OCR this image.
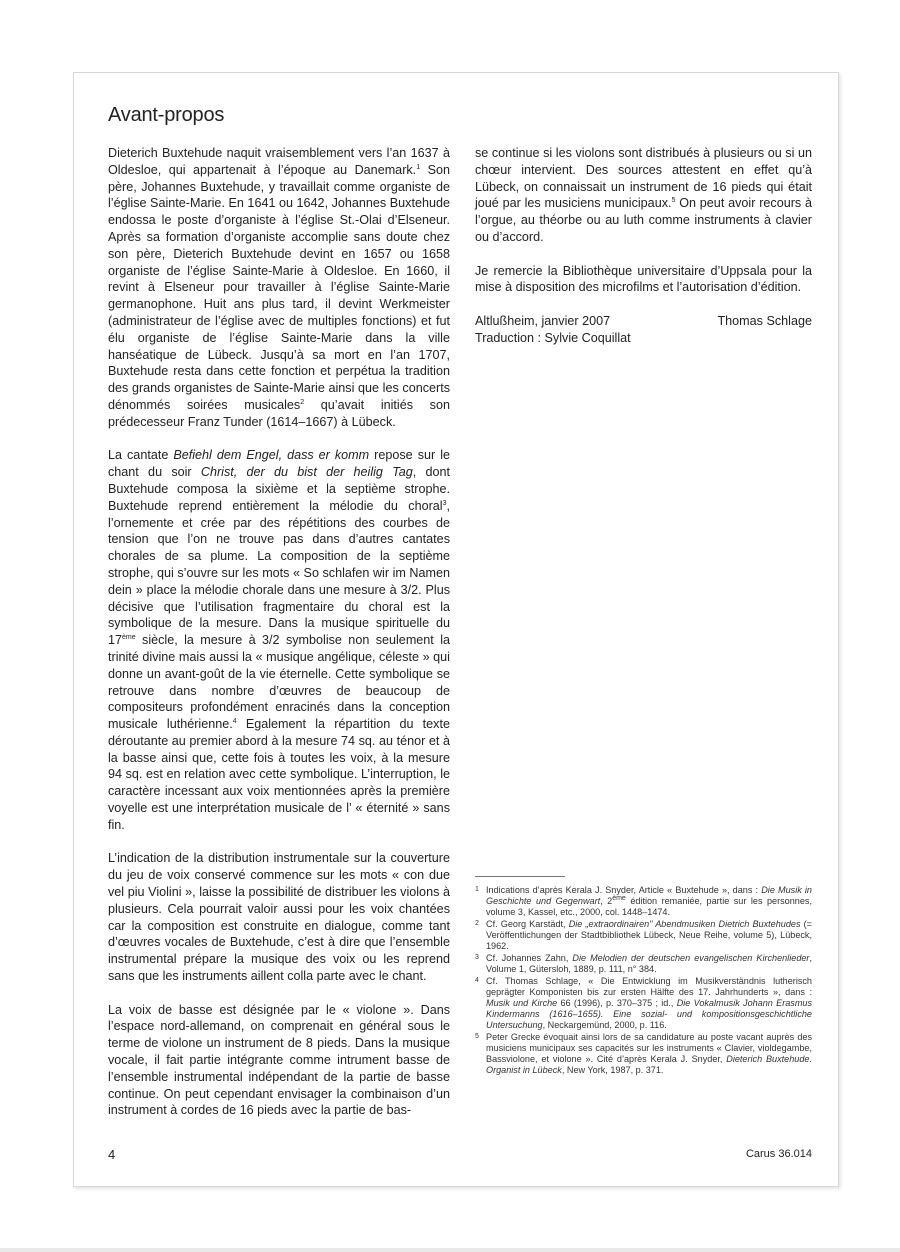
Avant-propos

Dieterich Buxtehude naquit vraisemblement vers l’an 1637 à Oldesloe, qui appartenait à l’époque au Danemark.$^1$ Son père, Johannes Buxtehude, y travaillait comme organiste de l’église Sainte-Marie. En 1641 ou 1642, Johannes Buxtehude endossa le poste d’organiste à l’église St.-Olai d’Elseneur. Après sa formation d’organiste accomplie sans doute chez son père, Dieterich Buxtehude devint en 1657 ou 1658 organiste de l’église Sainte-Marie à Oldesloe. En 1660, il revint à Elseneur pour travailler à l’église Sainte-Marie germanophone. Huit ans plus tard, il devint Werkmeister (administrateur de l’église avec de multiples fonctions) et fut élu organiste de l’église Sainte-Marie dans la ville hanséatique de Lübeck. Jusqu’à sa mort en l’an 1707, Buxtehude resta dans cette fonction et perpétua la tradition des grands organistes de Sainte-Marie ainsi que les concerts dénommés soirées musicales$^2$ qu’avait initiés son prédecesseur Franz Tunder (1614–1667) à Lübeck.

La cantate Befiehl dem Engel, dass er komm repose sur le chant du soir Christ, der du bist der heilig Tag, dont Buxtehude composa la sixième et la septième strophe. Buxtehude reprend entièrement la mélodie du choral$^3$, l’ornemente et crée par des répétitions des courbes de tension que l’on ne trouve pas dans d’autres cantates chorales de sa plume. La composition de la septième strophe, qui s’ouvre sur les mots « So schlafen wir im Namen dein » place la mélodie chorale dans une mesure à 3/2. Plus décisive que l’utilisation fragmentaire du choral est la symbolique de la mesure. Dans la musique spirituelle du 17ème siècle, la mesure à 3/2 symbolise non seulement la trinité divine mais aussi la « musique angélique, céleste » qui donne un avant-goût de la vie éternelle. Cette symbolique se retrouve dans nombre d’œuvres de beaucoup de compositeurs profondément enracinés dans la conception musicale luthérienne.$^4$ Egalement la répartition du texte déroutante au premier abord à la mesure 74 sq. au ténor et à la basse ainsi que, cette fois à toutes les voix, à la mesure 94 sq. est en relation avec cette symbolique. L’interruption, le caractère incessant aux voix mentionnées après la première voyelle est une interprétation musicale de l’ « éternité » sans fin.

L’indication de la distribution instrumentale sur la couverture du jeu de voix conservé commence sur les mots « con due vel piu Violini », laisse la possibilité de distribuer les violons à plusieurs. Cela pourrait valoir aussi pour les voix chantées car la composition est construite en dialogue, comme tant d’œuvres vocales de Buxtehude, c’est à dire que l’ensemble instrumental prépare la musique des voix ou les reprend sans que les instruments aillent colla parte avec le chant.

La voix de basse est désignée par le « violone ». Dans l’espace nord-allemand, on comprenait en général sous le terme de violone un instrument de 8 pieds. Dans la musique vocale, il fait partie intégrante comme intrument basse de l’ensemble instrumental indépendant de la partie de basse continue. On peut cependant envisager la combinaison d’un instrument à cordes de 16 pieds avec la partie de bas-

se continue si les violons sont distribués à plusieurs ou si un chœur intervient. Des sources attestent en effet qu’à Lübeck, on connaissait un instrument de 16 pieds qui était joué par les musiciens municipaux.$^5$ On peut avoir recours à l’orgue, au théorbe ou au luth comme instruments à clavier ou d’accord.

Je remercie la Bibliothèque universitaire d’Uppsala pour la mise à disposition des microfilms et l’autorisation d’édition.

Altlußheim, janvier 2007	Thomas Schlage
Traduction : Sylvie Coquillat
1 Indications d’après Kerala J. Snyder, Article « Buxtehude », dans : Die Musik in Geschichte und Gegenwart, 2ème édition remaniée, partie sur les personnes, volume 3, Kassel, etc., 2000, col. 1448–1474.
2 Cf. Georg Karstädt, Die „extraordinairen" Abendmusiken Dietrich Buxtehudes (= Veröffentlichungen der Stadtbibliothek Lübeck, Neue Reihe, volume 5), Lübeck, 1962.
3 Cf. Johannes Zahn, Die Melodien der deutschen evangelischen Kirchenlieder, Volume 1, Gütersloh, 1889, p. 111, n° 384.
4 Cf. Thomas Schlage, « Die Entwicklung im Musikverständnis lutherisch geprägter Komponisten bis zur ersten Hälfte des 17. Jahrhunderts », dans : Musik und Kirche 66 (1996), p. 370–375 ; id., Die Vokalmusik Johann Erasmus Kindermanns (1616–1655). Eine sozial- und kompositionsgeschichtliche Untersuchung, Neckargemünd, 2000, p. 116.
5 Peter Grecke évoquait ainsi lors de sa candidature au poste vacant auprès des musiciens municipaux ses capacités sur les instruments « Clavier, violdegambe, Bassviolone, et violone ». Cité d’après Kerala J. Snyder, Dieterich Buxtehude. Organist in Lübeck, New York, 1987, p. 371.
4	Carus 36.014
